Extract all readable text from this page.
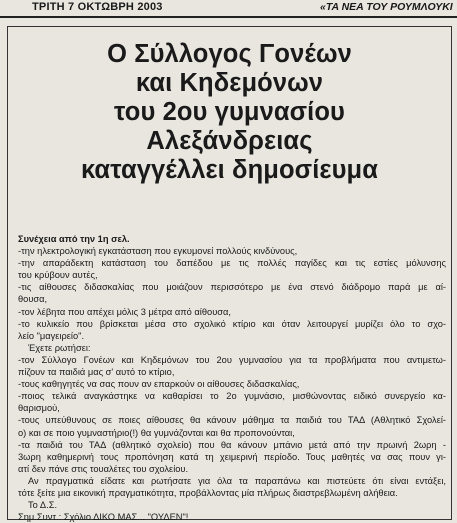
ΤΡΙΤΗ 7 ΟΚΤΩΒΡΗ 2003	«ΤΑ ΝΕΑ ΤΟΥ ΡΟΥΜΛΟΥΚΙ
Ο Σύλλογος Γονέων
και Κηδεμόνων
του 2ου γυμνασίου
Αλεξάνδρειας
καταγγέλλει δημοσίευμα
Συνέχεια από την 1η σελ.
-την ηλεκτρολογική εγκατάσταση που εγκυμονεί πολλούς κινδύνους,
-την απαράδεκτη κατάσταση του δαπέδου με τις πολλές παγίδες και τις εστίες μόλυνσης
του κρύβουν αυτές,
-τις αίθουσες διδασκαλίας που μοιάζουν περισσότερο με ένα στενό διάδρομο παρά με αί-
θουσα,
-τον λέβητα που απέχει μόλις 3 μέτρα από αίθουσα,
-το κυλικείο που βρίσκεται μέσα στο σχολικό κτίριο και όταν λειτουργεί μυρίζει όλο το σχο-
λείο "μαγειρείο".
Έχετε ρωτήσει:
-τον Σύλλογο Γονέων και Κηδεμόνων του 2ου γυμνασίου για τα προβλήματα που αντιμετω-
πίζουν τα παιδιά μας σ' αυτό το κτίριο,
-τους καθηγητές να σας πουν αν επαρκούν οι αίθουσες διδασκαλίας,
-ποιος τελικά αναγκάστηκε να καθαρίσει το 2ο γυμνάσιο, μισθώνοντας ειδικό συνεργείο κα-
θαρισμού,
-τους υπεύθυνους σε ποιες αίθουσες θα κάνουν μάθημα τα παιδιά του ΤΑΔ (Αθλητικό Σχολεί-
ο) και σε ποιο γυμναστήριο(!) θα γυμνάζονται και θα προπονούνται,
-τα παιδιά του ΤΑΔ (αθλητικό σχολείο) που θα κάνουν μπάνιο μετά από την πρωινή 2ωρη -
3ωρη καθημερινή τους προπόνηση κατά τη χειμερινή περίοδο. Τους μαθητές να σας πουν γι-
ατί δεν πάνε στις τουαλέτες του σχολείου.
Αν πραγματικά είδατε και ρωτήσατε για όλα τα παραπάνω και πιστεύετε ότι είναι εντάξει,
τότε ξείτε μια εικονική πραγματικότητα, προβάλλοντας μία πλήρως διαστρεβλωμένη αλήθεια.
Το Δ.Σ.
Σημ.Συντ.: Σχόλιο ΔΙΚΟ ΜΑΣ... "ΟΥΔΕΝ"!
